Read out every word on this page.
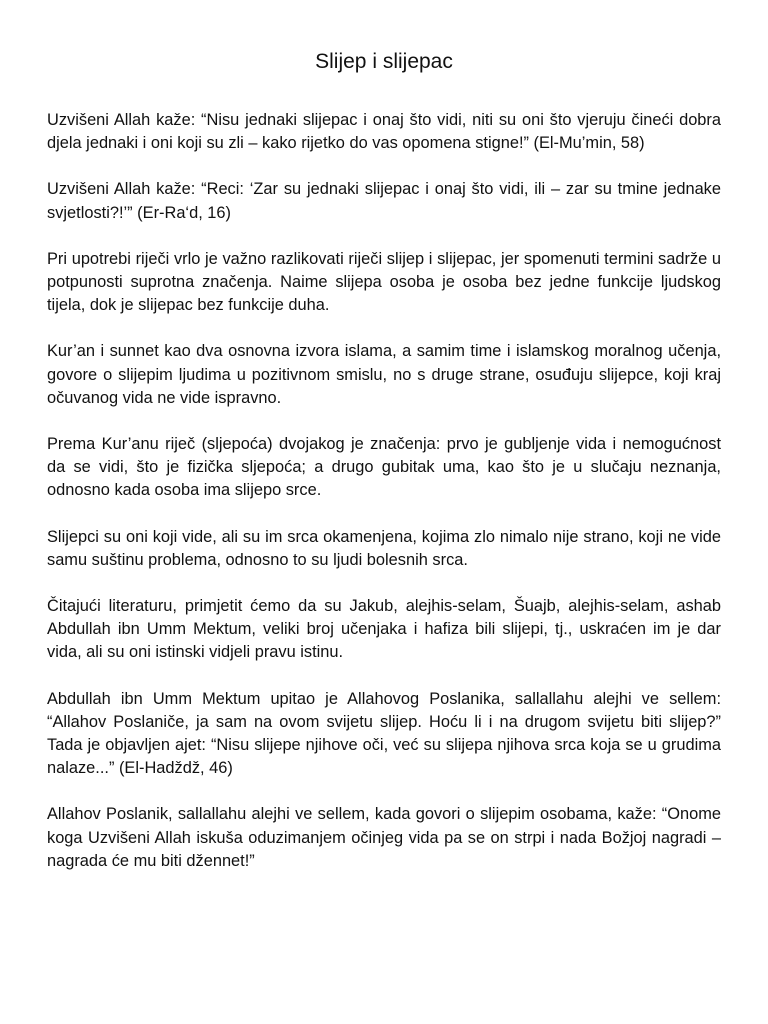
Slijep i slijepac

Uzvišeni Allah kaže: “Nisu jednaki slijepac i onaj što vidi, niti su oni što vjeruju čineći dobra djela jednaki i oni koji su zli – kako rijetko do vas opomena stigne!” (El-Mu’min, 58)

Uzvišeni Allah kaže: “Reci: ‘Zar su jednaki slijepac i onaj što vidi, ili – zar su tmine jednake svjetlosti?!’” (Er-Ra‘d, 16)

Pri upotrebi riječi vrlo je važno razlikovati riječi slijep i slijepac, jer spomenuti termini sadrže u potpunosti suprotna značenja. Naime slijepa osoba je osoba bez jedne funkcije ljudskog tijela, dok je slijepac bez funkcije duha.

Kur’an i sunnet kao dva osnovna izvora islama, a samim time i islamskog moralnog učenja, govore o slijepim ljudima u pozitivnom smislu, no s druge strane, osuđuju slijepce, koji kraj očuvanog vida ne vide ispravno.

Prema Kur’anu riječ (sljepoća) dvojakog je značenja: prvo je gubljenje vida i nemogućnost da se vidi, što je fizička sljepoća; a drugo gubitak uma, kao što je u slučaju neznanja, odnosno kada osoba ima slijepo srce.

Slijepci su oni koji vide, ali su im srca okamenjena, kojima zlo nimalo nije strano, koji ne vide samu suštinu problema, odnosno to su ljudi bolesnih srca.

Čitajući literaturu, primjetit ćemo da su Jakub, alejhis-selam, Šuajb, alejhis-selam, ashab Abdullah ibn Umm Mektum, veliki broj učenjaka i hafiza bili slijepi, tj., uskraćen im je dar vida, ali su oni istinski vidjeli pravu istinu.

Abdullah ibn Umm Mektum upitao je Allahovog Poslanika, sallallahu alejhi ve sellem: “Allahov Poslaniče, ja sam na ovom svijetu slijep. Hoću li i na drugom svijetu biti slijep?” Tada je objavljen ajet: “Nisu slijepe njihove oči, već su slijepa njihova srca koja se u grudima nalaze...” (El-Hadždž, 46)

Allahov Poslanik, sallallahu alejhi ve sellem, kada govori o slijepim osobama, kaže: “Onome koga Uzvišeni Allah iskuša oduzimanjem očinjeg vida pa se on strpi i nada Božjoj nagradi – nagrada će mu biti džennet!”
